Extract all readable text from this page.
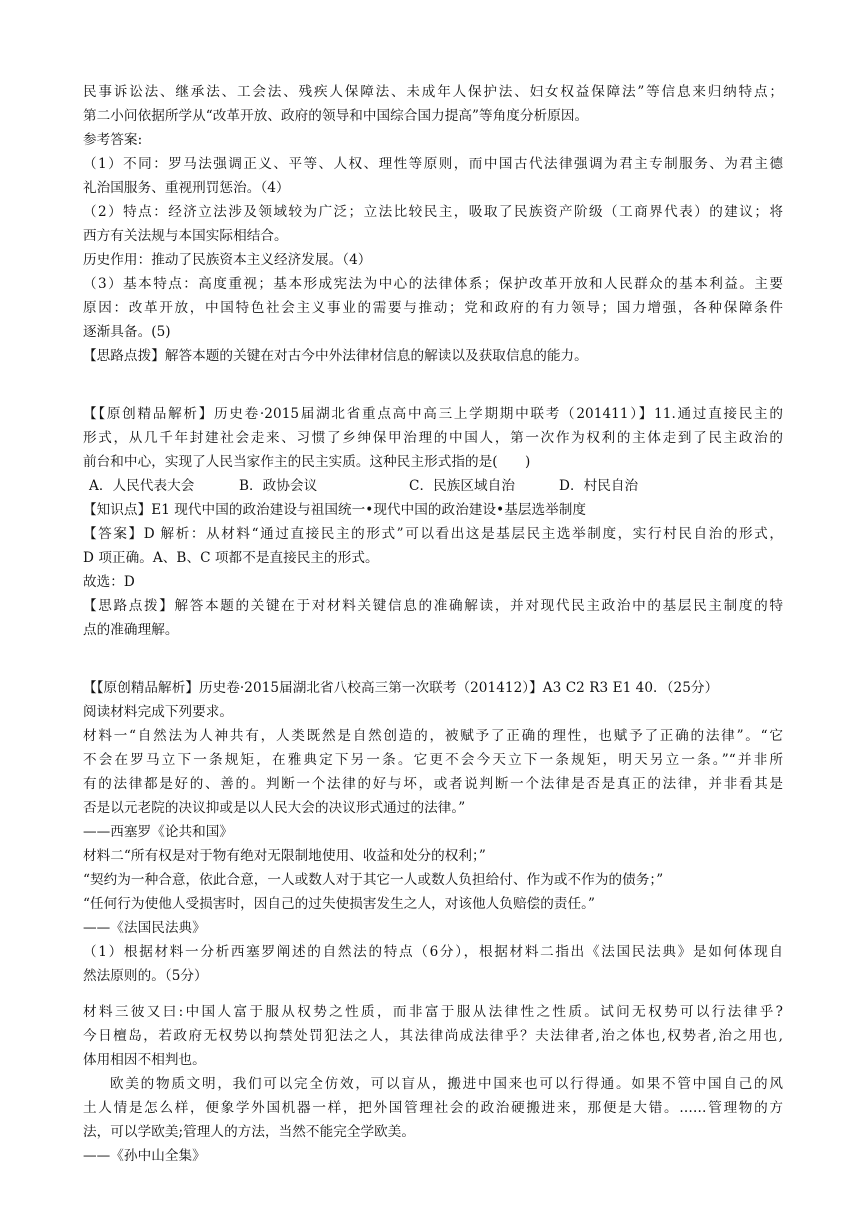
民事诉讼法、继承法、工会法、残疾人保障法、未成年人保护法、妇女权益保障法”等信息来归纳特点；
第二小问依据所学从“改革开放、政府的领导和中国综合国力提高”等角度分析原因。
参考答案:
（1）不同：罗马法强调正义、平等、人权、理性等原则，而中国古代法律强调为君主专制服务、为君主德
礼治国服务、重视刑罚惩治。（4）
（2）特点：经济立法涉及领域较为广泛；立法比较民主，吸取了民族资产阶级（工商界代表）的建议；将
西方有关法规与本国实际相结合。
历史作用：推动了民族资本主义经济发展。（4）
（3）基本特点：高度重视；基本形成宪法为中心的法律体系；保护改革开放和人民群众的基本利益。主要
原因：改革开放，中国特色社会主义事业的需要与推动；党和政府的有力领导；国力增强，各种保障条件
逐渐具备。(5)
【思路点拨】解答本题的关键在对古今中外法律材信息的解读以及获取信息的能力。
【【原创精品解析】历史卷·2015届湖北省重点高中高三上学期期中联考（201411）】11.通过直接民主的
形式，从几千年封建社会走来、习惯了乡绅保甲治理的中国人，第一次作为权利的主体走到了民主政治的
前台和中心，实现了人民当家作主的民主实质。这种民主形式指的是(　　)
A．人民代表大会	B．政协会议	C．民族区域自治	D．村民自治
【知识点】E1 现代中国的政治建设与祖国统一•现代中国的政治建设•基层选举制度
【答案】D 解析：从材料“通过直接民主的形式”可以看出这是基层民主选举制度，实行村民自治的形式，
D 项正确。A、B、C 项都不是直接民主的形式。
故选：D
【思路点拨】解答本题的关键在于对材料关键信息的准确解读，并对现代民主政治中的基层民主制度的特
点的准确理解。
【【原创精品解析】历史卷·2015届湖北省八校高三第一次联考（201412）】A3 C2 R3 E1 40．（25分）
阅读材料完成下列要求。
材料一“自然法为人神共有，人类既然是自然创造的，被赋予了正确的理性，也赋予了正确的法律”。“它
不会在罗马立下一条规矩，在雅典定下另一条。它更不会今天立下一条规矩，明天另立一条。”“并非所
有的法律都是好的、善的。判断一个法律的好与坏，或者说判断一个法律是否是真正的法律，并非看其是
否是以元老院的决议抑或是以人民大会的决议形式通过的法律。”
——西塞罗《论共和国》
材料二“所有权是对于物有绝对无限制地使用、收益和处分的权利；”
“契约为一种合意，依此合意，一人或数人对于其它一人或数人负担给付、作为或不作为的债务；”
“任何行为使他人受损害时，因自己的过失使损害发生之人，对该他人负赔偿的责任。”
——《法国民法典》
（1）根据材料一分析西塞罗阐述的自然法的特点（6分），根据材料二指出《法国民法典》是如何体现自
然法原则的。（5分）
材料三彼又曰:中国人富于服从权势之性质，而非富于服从法律性之性质。试问无权势可以行法律乎?
今日檀岛，若政府无权势以拘禁处罚犯法之人，其法律尚成法律乎？夫法律者,治之体也,权势者,治之用也,
体用相因不相判也。
欧美的物质文明，我们可以完全仿效，可以盲从，搬进中国来也可以行得通。如果不管中国自己的风
土人情是怎么样，便象学外国机器一样，把外国管理社会的政治硬搬进来，那便是大错。……管理物的方
法，可以学欧美;管理人的方法，当然不能完全学欧美。
——《孙中山全集》
